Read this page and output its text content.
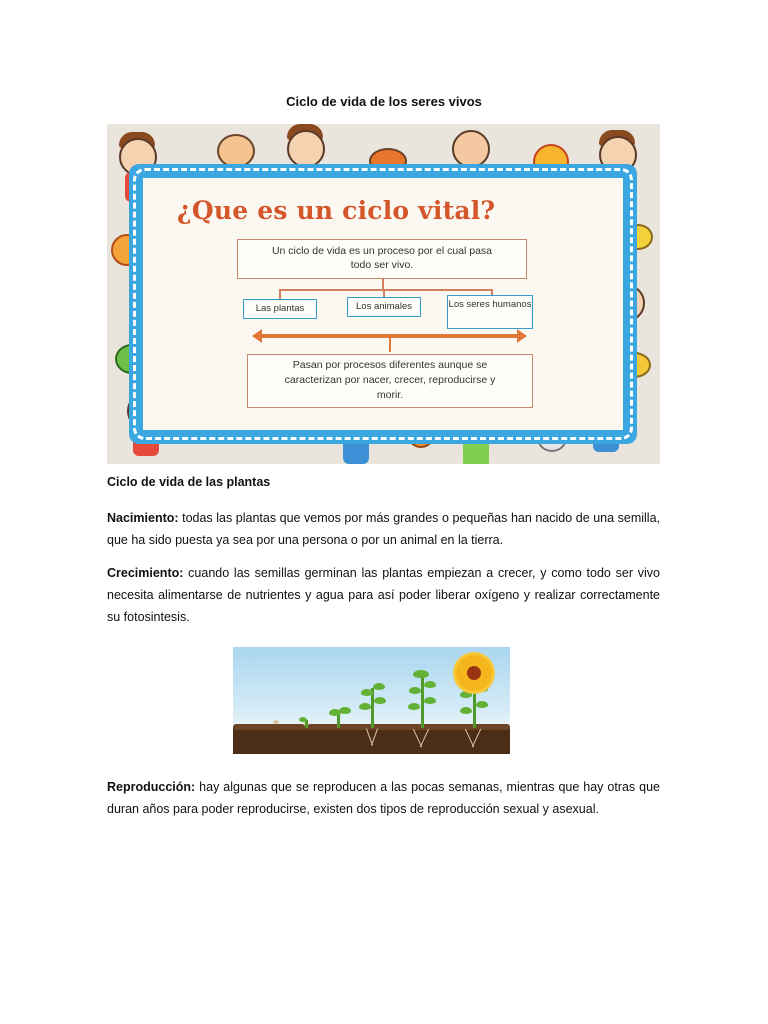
Ciclo de vida de los seres vivos
¿Que es un ciclo vital?
Un ciclo de vida es un proceso por el cual pasa
todo ser vivo.
Las plantas	Los animales	Los seres humanos
Pasan por procesos diferentes aunque se
caracterizan por nacer, crecer, reproducirse y
morir.
Ciclo de vida de las plantas

Nacimiento: todas las plantas que vemos por más grandes o pequeñas han nacido de una semilla, que ha sido puesta ya sea por una persona o por un animal en la tierra.

Crecimiento: cuando las semillas germinan las plantas empiezan a crecer, y como todo ser vivo necesita alimentarse de nutrientes y agua para así poder liberar oxígeno y realizar correctamente su fotosintesis.

Reproducción: hay algunas que se reproducen a las pocas semanas, mientras que hay otras que duran años para poder reproducirse, existen dos tipos de reproducción sexual y asexual.
